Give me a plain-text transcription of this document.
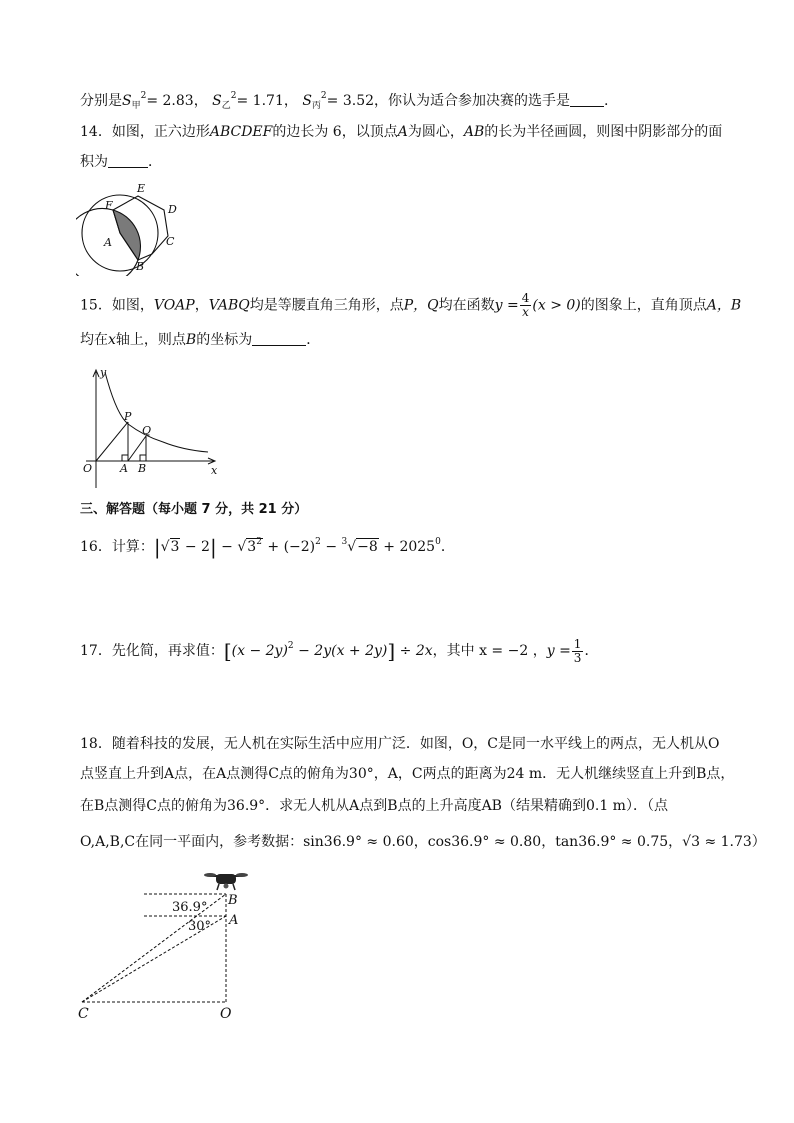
分别是$S_甲^2= 2.83$， $S_乙^2= 1.71$， $S_丙^2= 3.52$，你认为适合参加决赛的选手是 .
14．如图，正六边形ABCDEF的边长为 6，以顶点A为圆心，AB的长为半径画圆，则图中阴影部分的面
积为	．
F
E
D
C
B
A
15．如图，VOAP，VABQ均是等腰直角三角形，点P，Q均在函数$y = \frac{4}{x} (x > 0)$的图象上，直角顶点A，B
均在x轴上，则点B的坐标为	．
y
x
O	A B
P
Q
三、解答题（每小题 7 分，共 21 分）
16．计算：$|√3 - 2| - √3^2 + (-2)^2 - ^3√-8 + 2025^0$．
17．先化简，再求值：$[(x - 2y)^2 - 2y(x + 2y)] \div 2x$，其中 x = −2 ，$y = \frac{1}{3}$ ．
18．随着科技的发展，无人机在实际生活中应用广泛．如图，O，C是同一水平线上的两点，无人机从O
点竖直上升到A点，在A点测得C点的俯角为30°，A，C两点的距离为24 m．无人机继续竖直上升到B点，
在B点测得C点的俯角为36.9°．求无人机从A点到B点的上升高度AB（结果精确到0.1 m）．（点
O,A,B,C在同一平面内，参考数据：sin36.9° ≈ 0.60，cos36.9° ≈ 0.80，tan36.9° ≈ 0.75，√3 ≈ 1.73）
36.9°
30°
B
A
C	O
